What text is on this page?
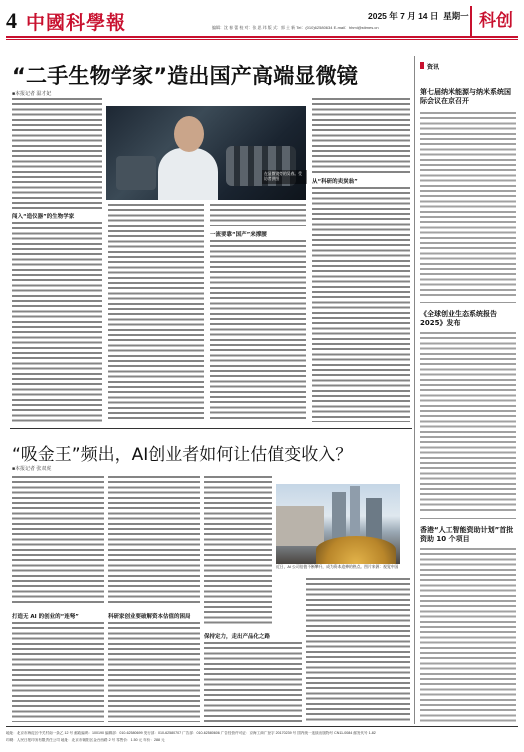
4 中國科學報	2025 年 7 月 14 日 星期一
编辑：沈 春 蕾 校 对：张 思 玮 版 式：郭 土 新 Tel：(010)62580634 E-mail：hhmi@stimes.cn	科创
“二手生物学家”造出国产高端显微镜
■本报记者 温才妃
闯入“造仪器”的生物学家
在显微镜旁的吴春。受访者供图
一流要靠“国产”来撑腰
从“科研的卖炭翁”
“吸金王”频出，AI创业者如何让估值变收入？
■本报记者 张双虎
打造无 AI 的创业的“连弩”	科研家创业要破解资本估值的困局
保持定力，走出产品化之路
近日，AI 公司估值不断攀升，成为资本追捧的热点。图片来源：视觉中国
资讯
第七届纳米能源与纳米系统国际会议在京召开
《全球创业生态系统报告2025》发布
香港“人工智能资助计划”首批资助 10 个项目
地址：北京市海淀区中关村南一条乙 12 号 邮政编码：100190 编辑部：010-62580699 发行部：010-62580707 广告部：010-62580606 广告经营许可证：京海工商广登字 20170239 号 国内统一连续出版物号 CN11-0084 邮发代号 1-82
印刷：人民日报印务有限责任公司 地址：北京市朝阳区金台西路 2 号 零售价：1.50 元 年价：288 元
